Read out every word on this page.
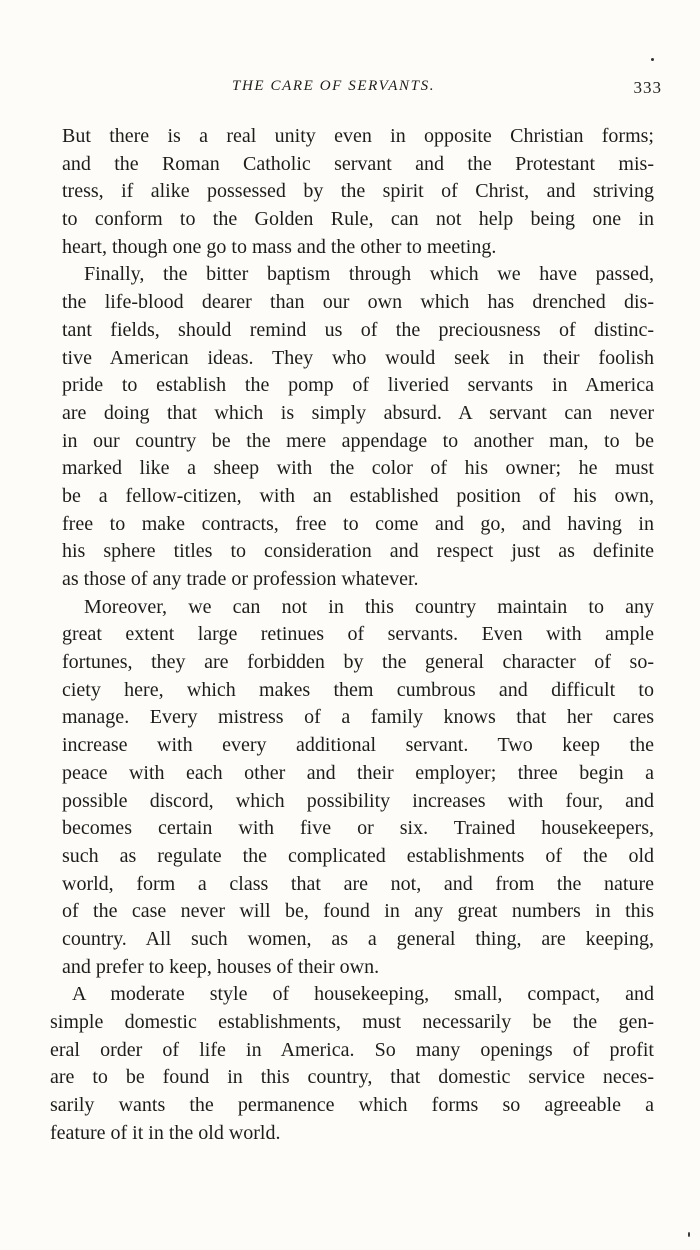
THE CARE OF SERVANTS.	333
But there is a real unity even in opposite Christian forms;
and the Roman Catholic servant and the Protestant mis-
tress, if alike possessed by the spirit of Christ, and striving
to conform to the Golden Rule, can not help being one in
heart, though one go to mass and the other to meeting.
Finally, the bitter baptism through which we have passed,
the life-blood dearer than our own which has drenched dis-
tant fields, should remind us of the preciousness of distinc-
tive American ideas. They who would seek in their foolish
pride to establish the pomp of liveried servants in America
are doing that which is simply absurd. A servant can never
in our country be the mere appendage to another man, to be
marked like a sheep with the color of his owner; he must
be a fellow-citizen, with an established position of his own,
free to make contracts, free to come and go, and having in
his sphere titles to consideration and respect just as definite
as those of any trade or profession whatever.
Moreover, we can not in this country maintain to any
great extent large retinues of servants. Even with ample
fortunes, they are forbidden by the general character of so-
ciety here, which makes them cumbrous and difficult to
manage. Every mistress of a family knows that her cares
increase with every additional servant. Two keep the
peace with each other and their employer; three begin a
possible discord, which possibility increases with four, and
becomes certain with five or six. Trained housekeepers,
such as regulate the complicated establishments of the old
world, form a class that are not, and from the nature
of the case never will be, found in any great numbers in this
country. All such women, as a general thing, are keeping,
and prefer to keep, houses of their own.
A moderate style of housekeeping, small, compact, and
simple domestic establishments, must necessarily be the gen-
eral order of life in America. So many openings of profit
are to be found in this country, that domestic service neces-
sarily wants the permanence which forms so agreeable a
feature of it in the old world.
